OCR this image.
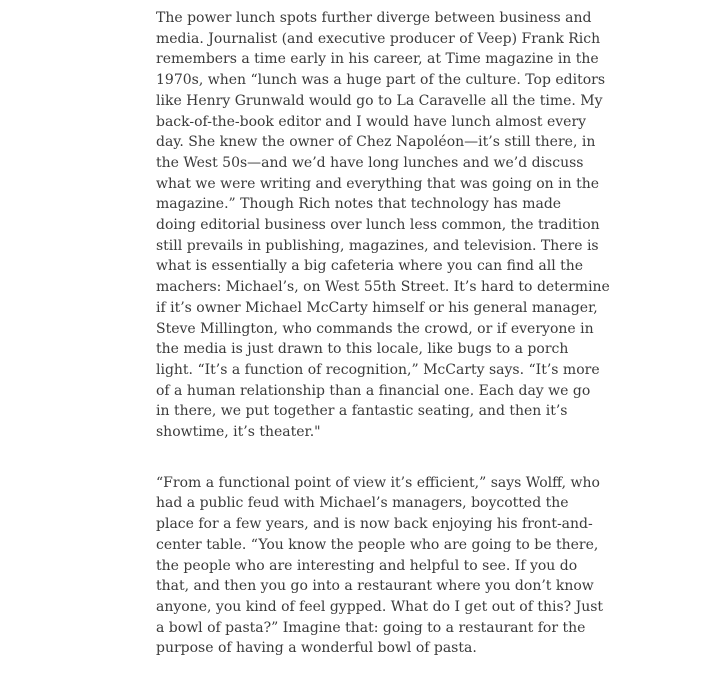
The power lunch spots further diverge between business and
media. Journalist (and executive producer of Veep) Frank Rich
remembers a time early in his career, at Time magazine in the
1970s, when “lunch was a huge part of the culture. Top editors
like Henry Grunwald would go to La Caravelle all the time. My
back-of-the-book editor and I would have lunch almost every
day. She knew the owner of Chez Napoléon—it’s still there, in
the West 50s—and we’d have long lunches and we’d discuss
what we were writing and everything that was going on in the
magazine.” Though Rich notes that technology has made
doing editorial business over lunch less common, the tradition
still prevails in publishing, magazines, and television. There is
what is essentially a big cafeteria where you can find all the
machers: Michael’s, on West 55th Street. It’s hard to determine
if it’s owner Michael McCarty himself or his general manager,
Steve Millington, who commands the crowd, or if everyone in
the media is just drawn to this locale, like bugs to a porch
light. “It’s a function of recognition,” McCarty says. “It’s more
of a human relationship than a financial one. Each day we go
in there, we put together a fantastic seating, and then it’s
showtime, it’s theater."

“From a functional point of view it’s efficient,” says Wolff, who
had a public feud with Michael’s managers, boycotted the
place for a few years, and is now back enjoying his front-and-
center table. “You know the people who are going to be there,
the people who are interesting and helpful to see. If you do
that, and then you go into a restaurant where you don’t know
anyone, you kind of feel gypped. What do I get out of this? Just
a bowl of pasta?” Imagine that: going to a restaurant for the
purpose of having a wonderful bowl of pasta.
